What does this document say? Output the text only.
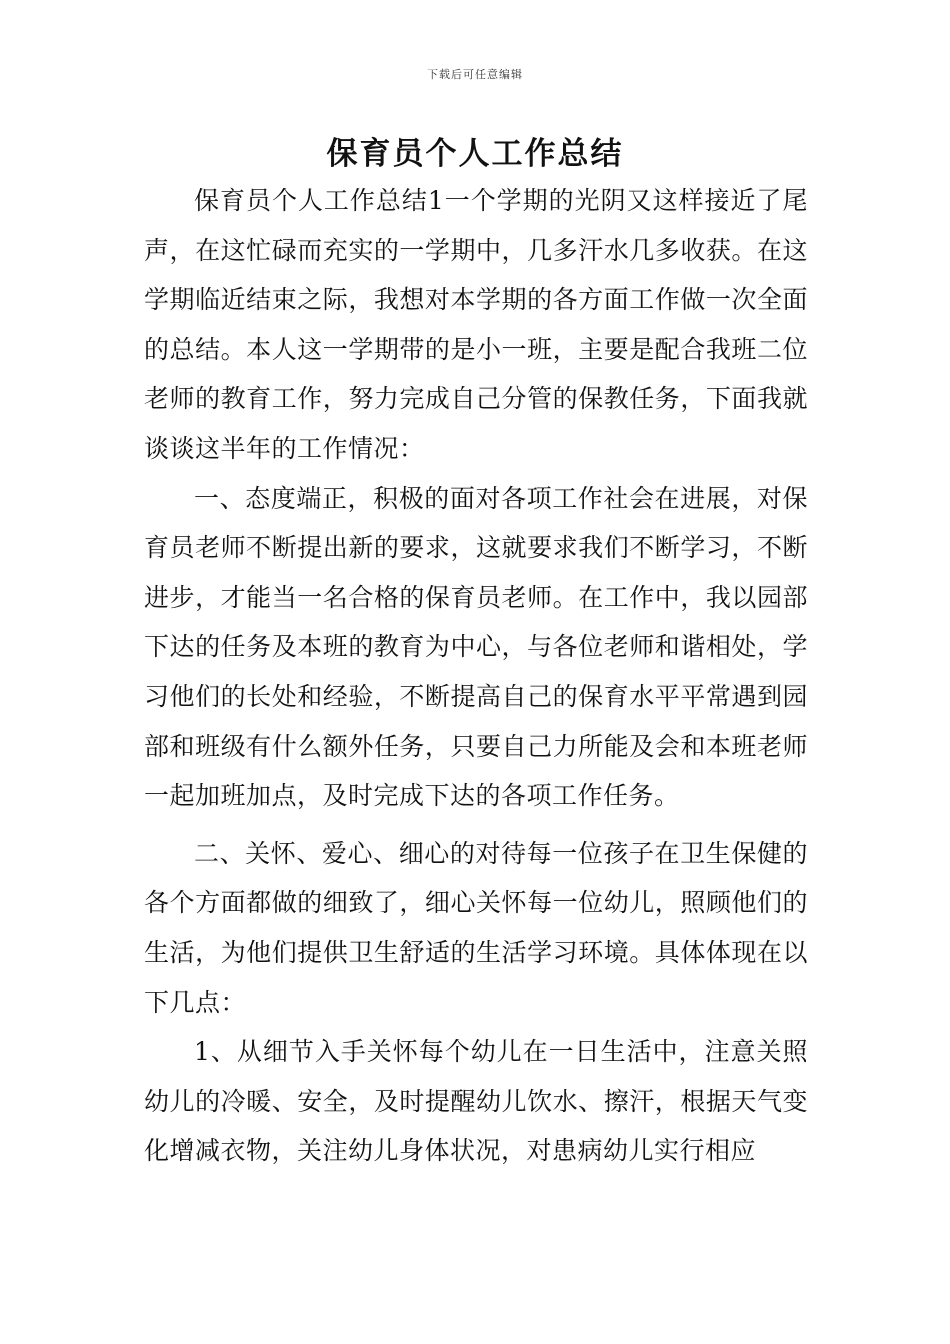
下载后可任意编辑
保育员个人工作总结

保育员个人工作总结1一个学期的光阴又这样接近了尾声，在这忙碌而充实的一学期中，几多汗水几多收获。在这学期临近结束之际，我想对本学期的各方面工作做一次全面的总结。本人这一学期带的是小一班，主要是配合我班二位老师的教育工作，努力完成自己分管的保教任务，下面我就谈谈这半年的工作情况：

一、态度端正，积极的面对各项工作社会在进展，对保育员老师不断提出新的要求，这就要求我们不断学习，不断进步，才能当一名合格的保育员老师。在工作中，我以园部下达的任务及本班的教育为中心，与各位老师和谐相处，学习他们的长处和经验，不断提高自己的保育水平平常遇到园部和班级有什么额外任务，只要自己力所能及会和本班老师一起加班加点，及时完成下达的各项工作任务。

二、关怀、爱心、细心的对待每一位孩子在卫生保健的各个方面都做的细致了，细心关怀每一位幼儿，照顾他们的生活，为他们提供卫生舒适的生活学习环境。具体体现在以下几点：

1、从细节入手关怀每个幼儿在一日生活中，注意关照幼儿的冷暖、安全，及时提醒幼儿饮水、擦汗，根据天气变化增减衣物，关注幼儿身体状况，对患病幼儿实行相应
